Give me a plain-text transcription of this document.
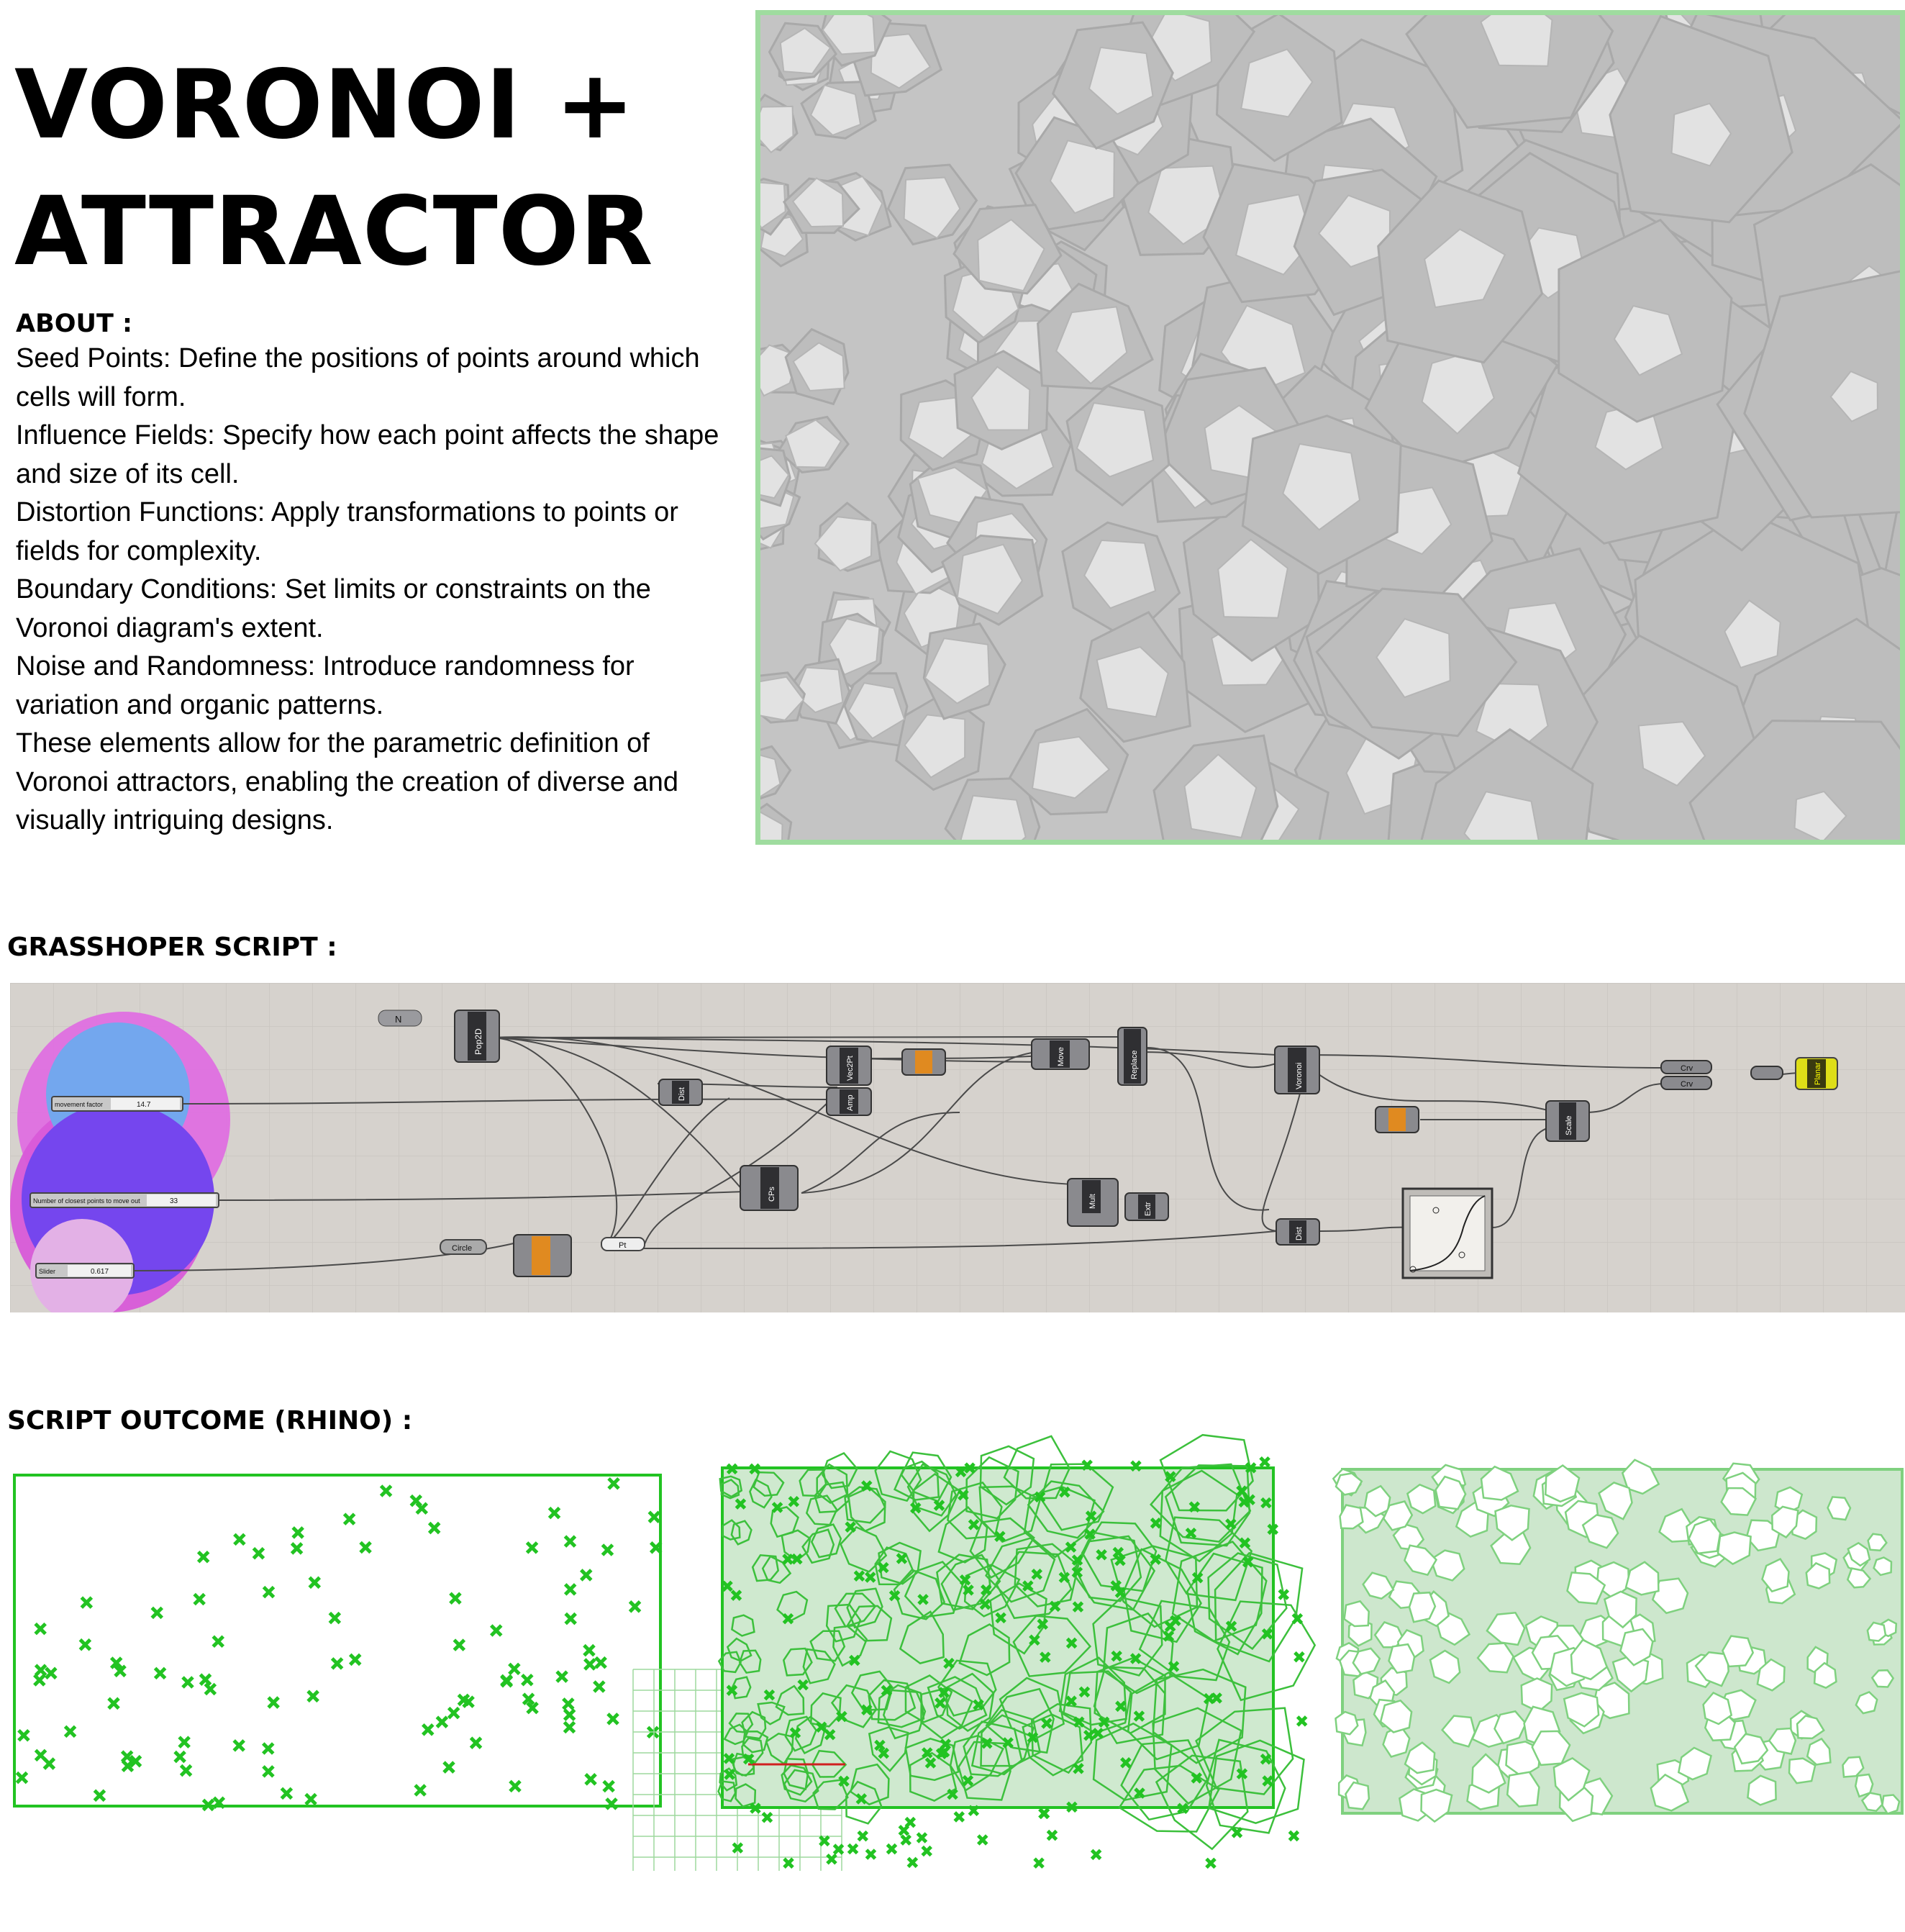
VORONOI +
ATTRACTOR
ABOUT :

Seed Points: Define the positions of points around which cells will form.

Influence Fields: Specify how each point affects the shape and size of its cell.

Distortion Functions: Apply transformations to points or fields for complexity.

Boundary Conditions: Set limits or constraints on the Voronoi diagram's extent.

Noise and Randomness: Introduce randomness for variation and organic patterns.

These elements allow for the parametric definition of Voronoi attractors, enabling the creation of diverse and visually intriguing designs.

GRASSHOPER SCRIPT :
N
Pop2D
Dist
Vec2Pt
Amp
Move	Replace	Voronoi
Scale
Crv
Crv	Planar
CPs	Mult
Extr
Dist
Circle	Pt
movement factor	14.7
Number of closest points to move out	33
Slider	0.617
SCRIPT OUTCOME (RHINO) :
